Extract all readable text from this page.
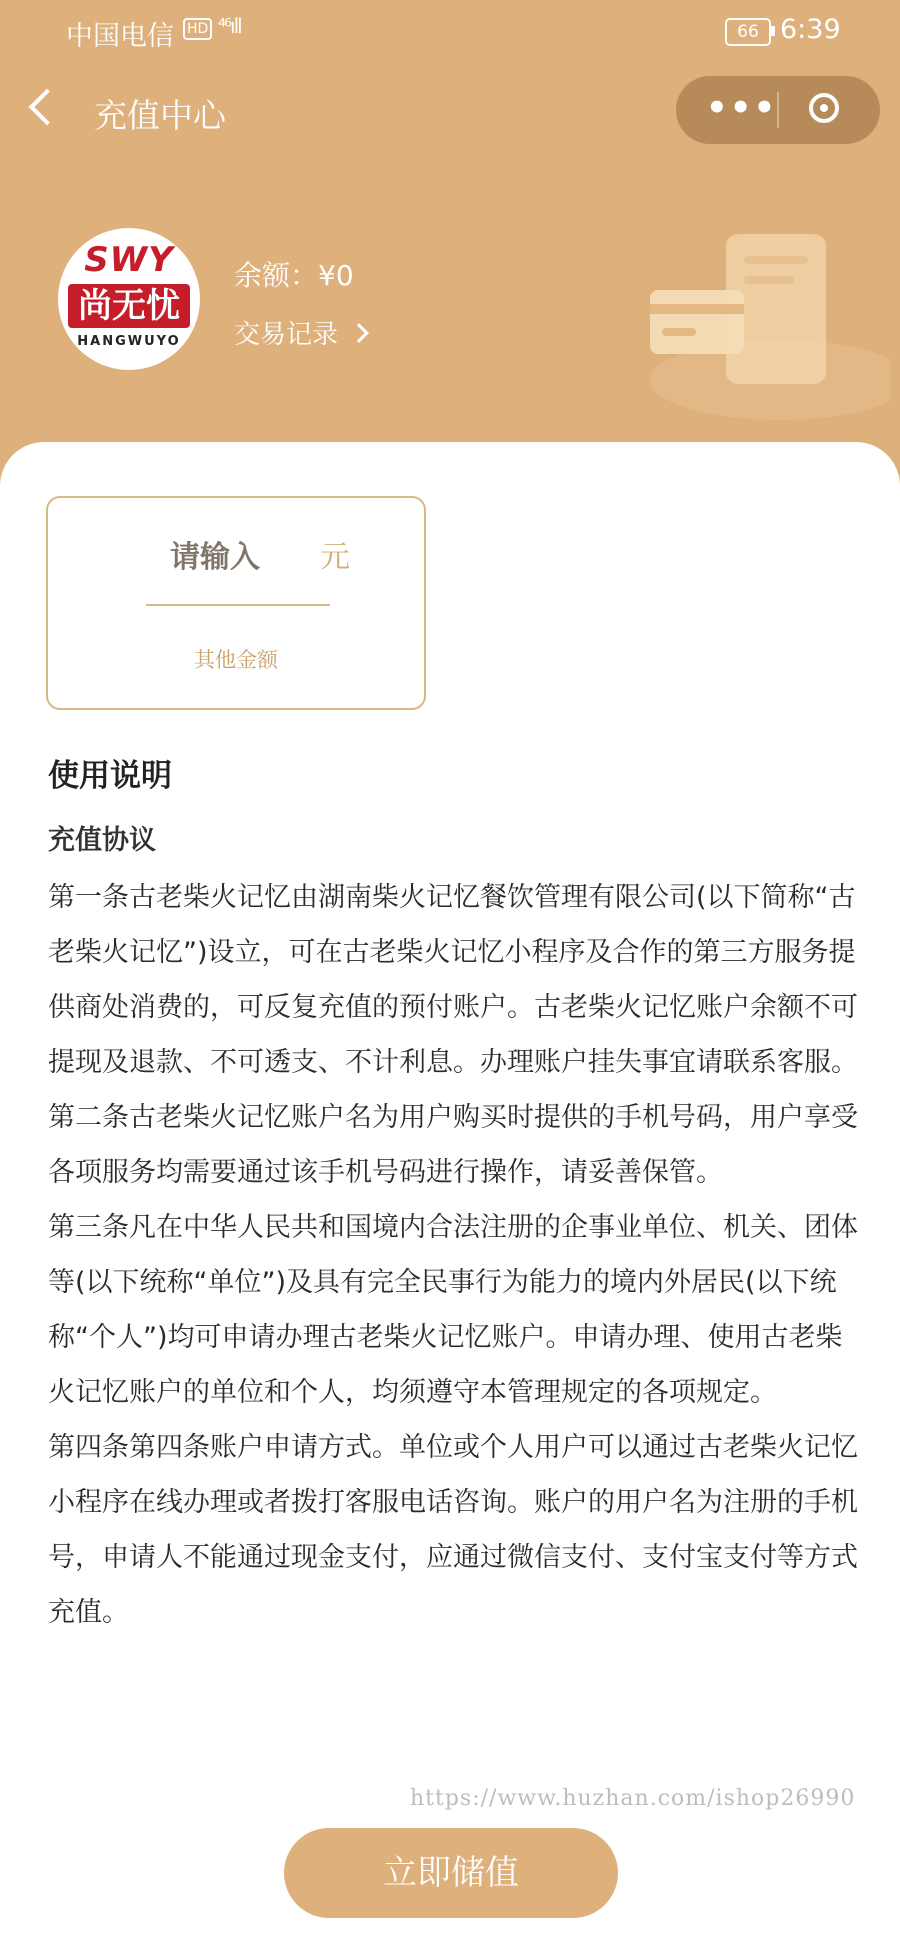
中国电信 HD ⁴⁶ıll	66 6:39
充值中心	•••
SWY
尚无忧
HANGWUYO
余额：¥0
交易记录
请输入	元
其他金额
使用说明
充值协议

第一条古老柴火记忆由湖南柴火记忆餐饮管理有限公司(以下简称“古老柴火记忆”)设立，可在古老柴火记忆小程序及合作的第三方服务提供商处消费的，可反复充值的预付账户。古老柴火记忆账户余额不可提现及退款、不可透支、不计利息。办理账户挂失事宜请联系客服。

第二条古老柴火记忆账户名为用户购买时提供的手机号码，用户享受各项服务均需要通过该手机号码进行操作，请妥善保管。

第三条凡在中华人民共和国境内合法注册的企事业单位、机关、团体等(以下统称“单位”)及具有完全民事行为能力的境内外居民(以下统称“个人”)均可申请办理古老柴火记忆账户。申请办理、使用古老柴火记忆账户的单位和个人，均须遵守本管理规定的各项规定。

第四条第四条账户申请方式。单位或个人用户可以通过古老柴火记忆小程序在线办理或者拨打客服电话咨询。账户的用户名为注册的手机号，申请人不能通过现金支付，应通过微信支付、支付宝支付等方式充值。

https://www.huzhan.com/ishop26990
立即储值
